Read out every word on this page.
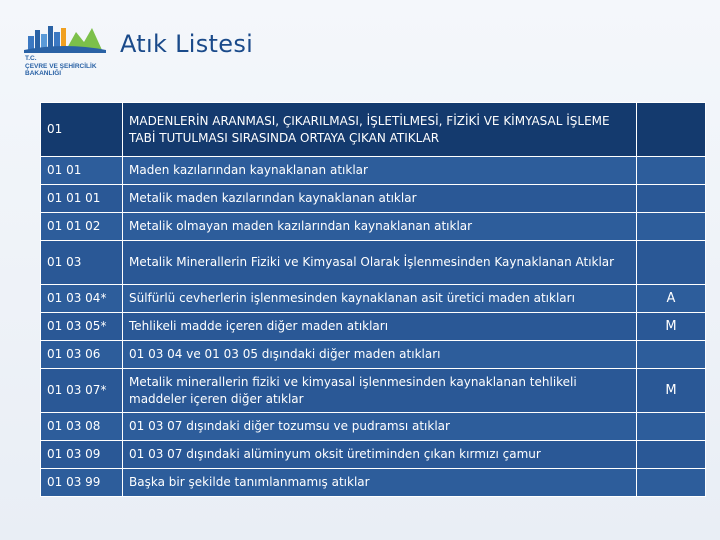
T.C.
ÇEVRE VE ŞEHİRCİLİK
BAKANLIĞI
Atık Listesi
01	MADENLERİN ARANMASI, ÇIKARILMASI, İŞLETİLMESİ, FİZİKİ VE KİMYASAL İŞLEME TABİ TUTULMASI SIRASINDA ORTAYA ÇIKAN ATIKLAR	
01 01	Maden kazılarından kaynaklanan atıklar	
01 01 01	Metalik maden kazılarından kaynaklanan atıklar	
01 01 02	Metalik olmayan maden kazılarından kaynaklanan atıklar	
01 03	Metalik Minerallerin Fiziki ve Kimyasal Olarak İşlenmesinden Kaynaklanan Atıklar	
01 03 04*	Sülfürlü cevherlerin işlenmesinden kaynaklanan asit üretici maden atıkları	A
01 03 05*	Tehlikeli madde içeren diğer maden atıkları	M
01 03 06	01 03 04 ve 01 03 05 dışındaki diğer maden atıkları	
01 03 07*	Metalik minerallerin fiziki ve kimyasal işlenmesinden kaynaklanan tehlikeli maddeler içeren diğer atıklar	M
01 03 08	01 03 07 dışındaki diğer tozumsu ve pudramsı atıklar	
01 03 09	01 03 07 dışındaki alüminyum oksit üretiminden çıkan kırmızı çamur	
01 03 99	Başka bir şekilde tanımlanmamış atıklar	
